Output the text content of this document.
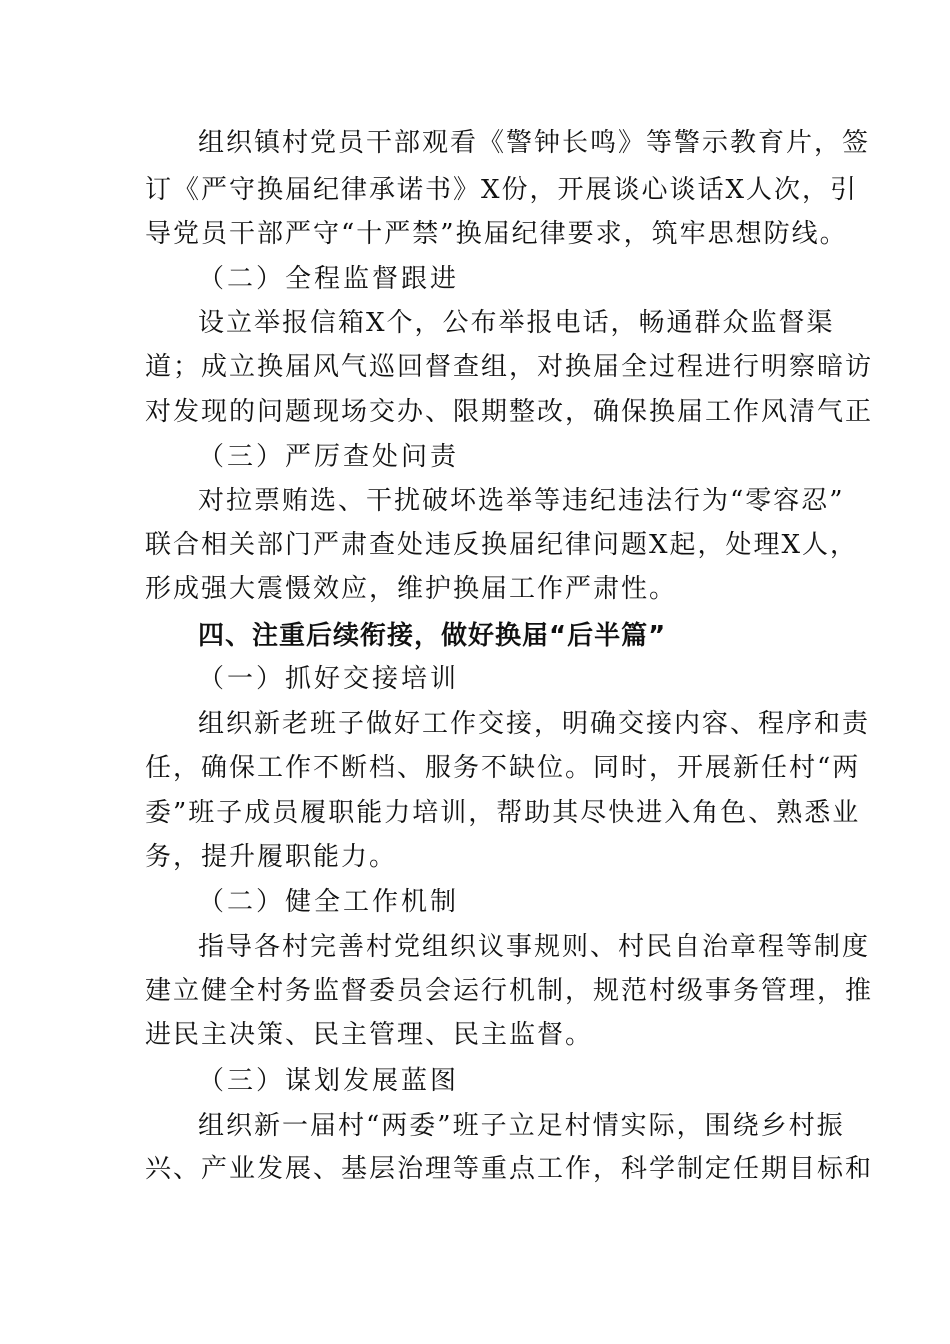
组织镇村党员干部观看《警钟长鸣》等警示教育片，签
订《严守换届纪律承诺书》X份，开展谈心谈话X人次，引
导党员干部严守“十严禁”换届纪律要求，筑牢思想防线。
（二）全程监督跟进
设立举报信箱X个，公布举报电话，畅通群众监督渠
道；成立换届风气巡回督查组，对换届全过程进行明察暗访
对发现的问题现场交办、限期整改，确保换届工作风清气正
（三）严厉查处问责
对拉票贿选、干扰破坏选举等违纪违法行为“零容忍”
联合相关部门严肃查处违反换届纪律问题X起，处理X人，
形成强大震慑效应，维护换届工作严肃性。
四、注重后续衔接，做好换届“后半篇”
（一）抓好交接培训
组织新老班子做好工作交接，明确交接内容、程序和责
任，确保工作不断档、服务不缺位。同时，开展新任村“两
委”班子成员履职能力培训，帮助其尽快进入角色、熟悉业
务，提升履职能力。
（二）健全工作机制
指导各村完善村党组织议事规则、村民自治章程等制度
建立健全村务监督委员会运行机制，规范村级事务管理，推
进民主决策、民主管理、民主监督。
（三）谋划发展蓝图
组织新一届村“两委”班子立足村情实际，围绕乡村振
兴、产业发展、基层治理等重点工作，科学制定任期目标和
